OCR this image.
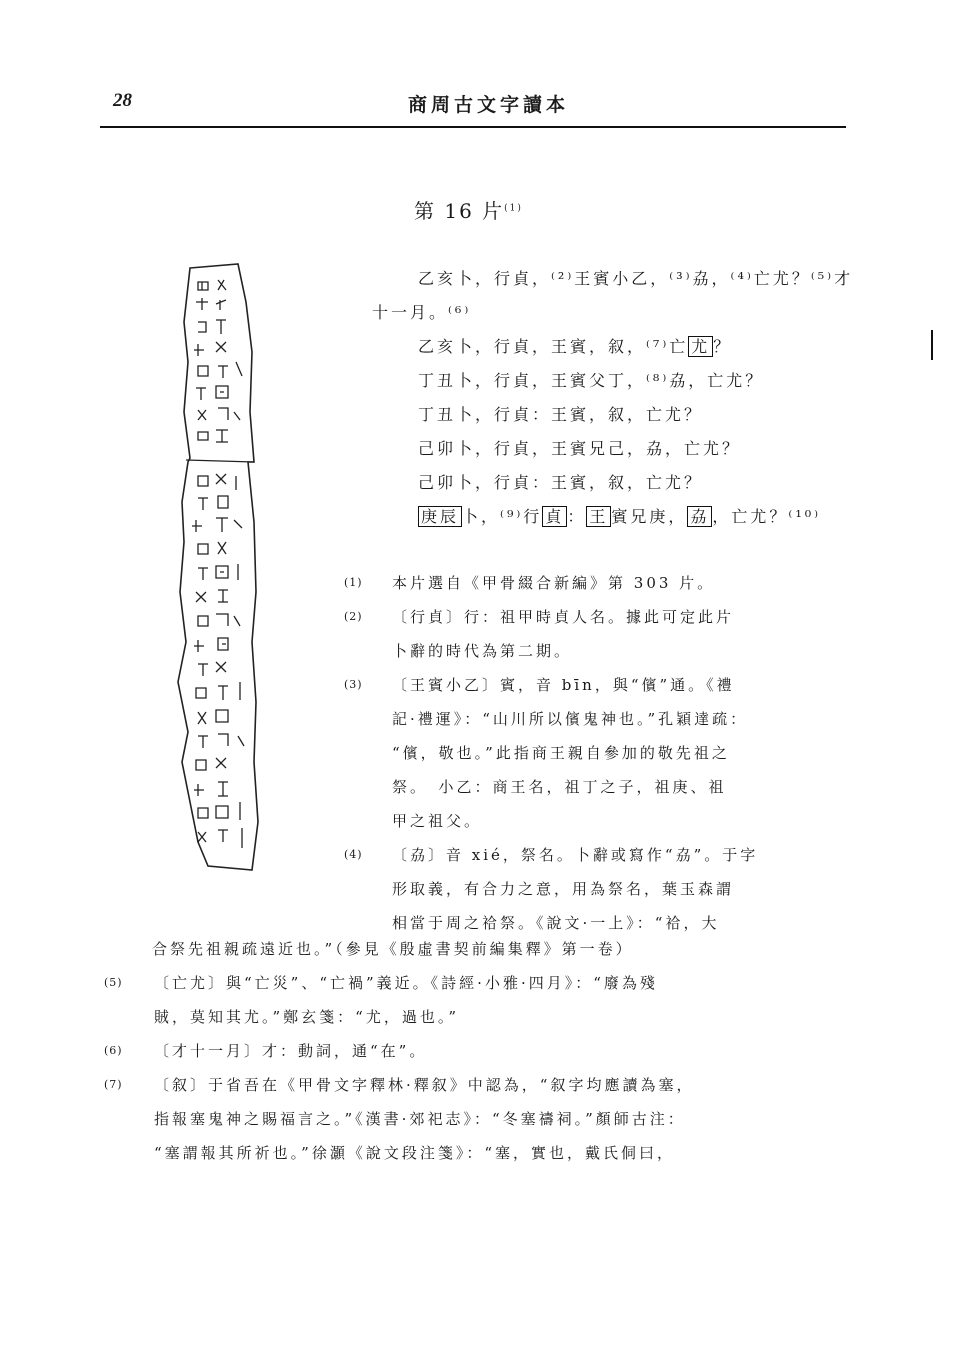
28	商周古文字讀本
第 16 片$^{(1)}$
乙亥卜，行貞，⁽²⁾王賓小乙，⁽³⁾劦，⁽⁴⁾亡尤？⁽⁵⁾才
十一月。⁽⁶⁾
乙亥卜，行貞，王賓，叙，⁽⁷⁾亡 尤 ？
丁丑卜，行貞，王賓父丁，⁽⁸⁾劦，亡尤？
丁丑卜，行貞：王賓，叙，亡尤？
己卯卜，行貞，王賓兄己，劦，亡尤？
己卯卜，行貞：王賓，叙，亡尤？
庚辰 卜，⁽⁹⁾行 貞 ： 王 賓兄庚， 劦 ，亡尤？⁽¹⁰⁾
(1)	本片選自《甲骨綴合新編》第 303 片。
(2)	〔行貞〕行：祖甲時貞人名。據此可定此片
卜辭的時代為第二期。
(3)	〔王賓小乙〕賓，音 bīn，與“儐”通。《禮
記·禮運》：“山川所以儐鬼神也。”孔穎達疏：
“儐，敬也。”此指商王親自參加的敬先祖之
祭。　小乙：商王名，祖丁之子，祖庚、祖
甲之祖父。
(4)	〔劦〕音 xié，祭名。卜辭或寫作“劦”。于字
形取義，有合力之意，用為祭名，葉玉森謂
相當于周之祫祭。《說文·一上》：“祫，大
合祭先祖親疏遠近也。”（參見《殷虛書契前編集釋》第一卷）
(5)	〔亡尤〕與“亡災”、“亡禍”義近。《詩經·小雅·四月》：“廢為殘
賊，莫知其尤。”鄭玄箋：“尤，過也。”
(6)	〔才十一月〕才：動詞，通“在”。
(7)	〔叙〕于省吾在《甲骨文字釋林·釋叙》中認為，“叙字均應讀為塞，
指報塞鬼神之賜福言之。”《漢書·郊祀志》：“冬塞禱祠。”顏師古注：
“塞謂報其所祈也。”徐灝《說文段注箋》：“塞，實也，戴氏侗曰，
